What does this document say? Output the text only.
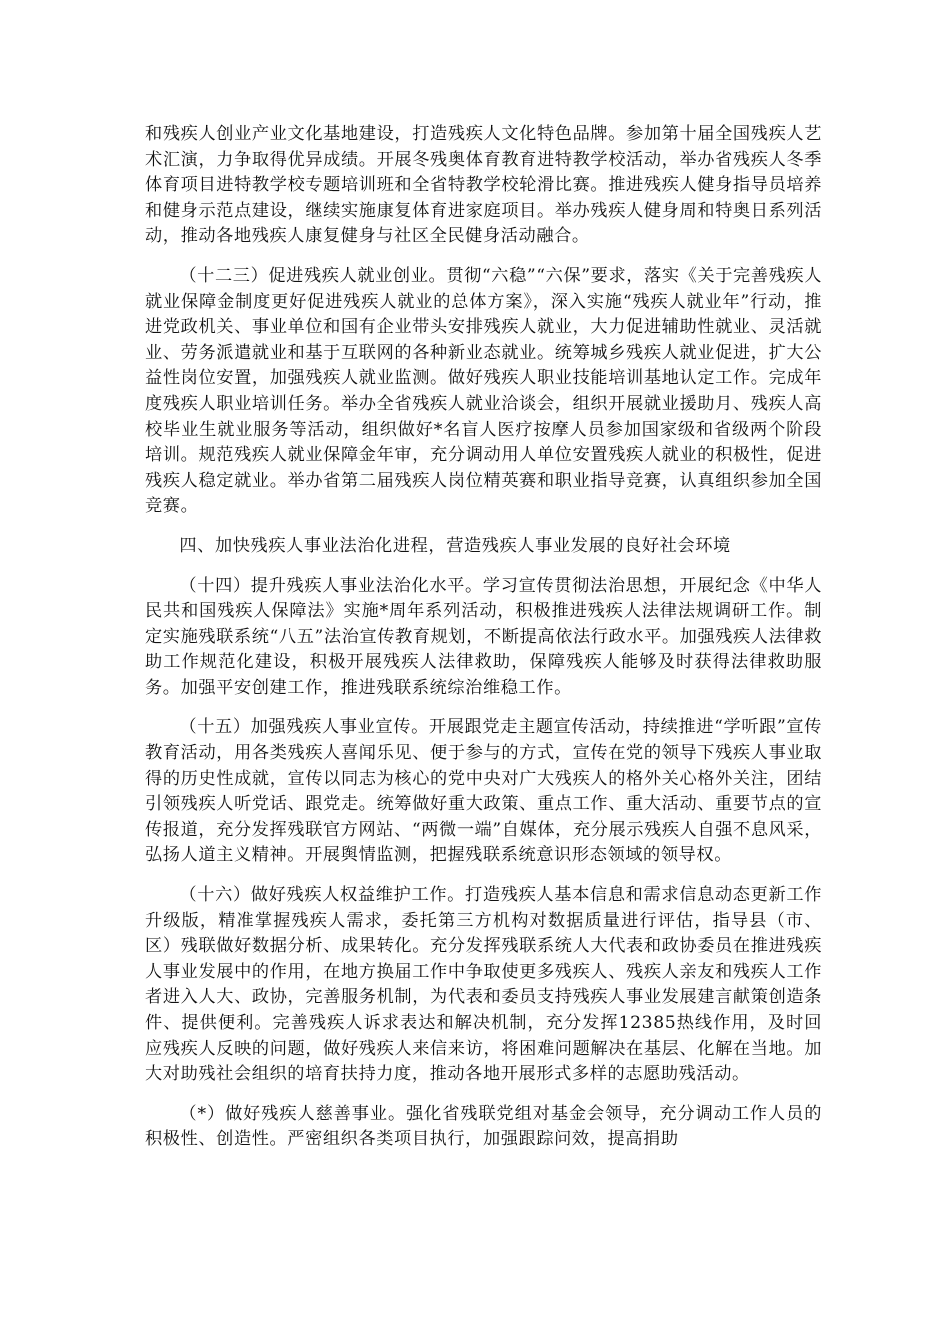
和残疾人创业产业文化基地建设，打造残疾人文化特色品牌。参加第十届全国残疾人艺术汇演，力争取得优异成绩。开展冬残奥体育教育进特教学校活动，举办省残疾人冬季体育项目进特教学校专题培训班和全省特教学校轮滑比赛。推进残疾人健身指导员培养和健身示范点建设，继续实施康复体育进家庭项目。举办残疾人健身周和特奥日系列活动，推动各地残疾人康复健身与社区全民健身活动融合。

（十二三）促进残疾人就业创业。贯彻“六稳”“六保”要求，落实《关于完善残疾人就业保障金制度更好促进残疾人就业的总体方案》，深入实施“残疾人就业年”行动，推进党政机关、事业单位和国有企业带头安排残疾人就业，大力促进辅助性就业、灵活就业、劳务派遣就业和基于互联网的各种新业态就业。统筹城乡残疾人就业促进，扩大公益性岗位安置，加强残疾人就业监测。做好残疾人职业技能培训基地认定工作。完成年度残疾人职业培训任务。举办全省残疾人就业洽谈会，组织开展就业援助月、残疾人高校毕业生就业服务等活动，组织做好*名盲人医疗按摩人员参加国家级和省级两个阶段培训。规范残疾人就业保障金年审，充分调动用人单位安置残疾人就业的积极性，促进残疾人稳定就业。举办省第二届残疾人岗位精英赛和职业指导竞赛，认真组织参加全国竞赛。

四、加快残疾人事业法治化进程，营造残疾人事业发展的良好社会环境

（十四）提升残疾人事业法治化水平。学习宣传贯彻法治思想，开展纪念《中华人民共和国残疾人保障法》实施*周年系列活动，积极推进残疾人法律法规调研工作。制定实施残联系统“八五”法治宣传教育规划，不断提高依法行政水平。加强残疾人法律救助工作规范化建设，积极开展残疾人法律救助，保障残疾人能够及时获得法律救助服务。加强平安创建工作，推进残联系统综治维稳工作。

（十五）加强残疾人事业宣传。开展跟党走主题宣传活动，持续推进“学听跟”宣传教育活动，用各类残疾人喜闻乐见、便于参与的方式，宣传在党的领导下残疾人事业取得的历史性成就，宣传以同志为核心的党中央对广大残疾人的格外关心格外关注，团结引领残疾人听党话、跟党走。统筹做好重大政策、重点工作、重大活动、重要节点的宣传报道，充分发挥残联官方网站、“两微一端”自媒体，充分展示残疾人自强不息风采，弘扬人道主义精神。开展舆情监测，把握残联系统意识形态领域的领导权。

（十六）做好残疾人权益维护工作。打造残疾人基本信息和需求信息动态更新工作升级版，精准掌握残疾人需求，委托第三方机构对数据质量进行评估，指导县（市、区）残联做好数据分析、成果转化。充分发挥残联系统人大代表和政协委员在推进残疾人事业发展中的作用，在地方换届工作中争取使更多残疾人、残疾人亲友和残疾人工作者进入人大、政协，完善服务机制，为代表和委员支持残疾人事业发展建言献策创造条件、提供便利。完善残疾人诉求表达和解决机制，充分发挥12385热线作用，及时回应残疾人反映的问题，做好残疾人来信来访，将困难问题解决在基层、化解在当地。加大对助残社会组织的培育扶持力度，推动各地开展形式多样的志愿助残活动。

（*）做好残疾人慈善事业。强化省残联党组对基金会领导，充分调动工作人员的积极性、创造性。严密组织各类项目执行，加强跟踪问效，提高捐助
